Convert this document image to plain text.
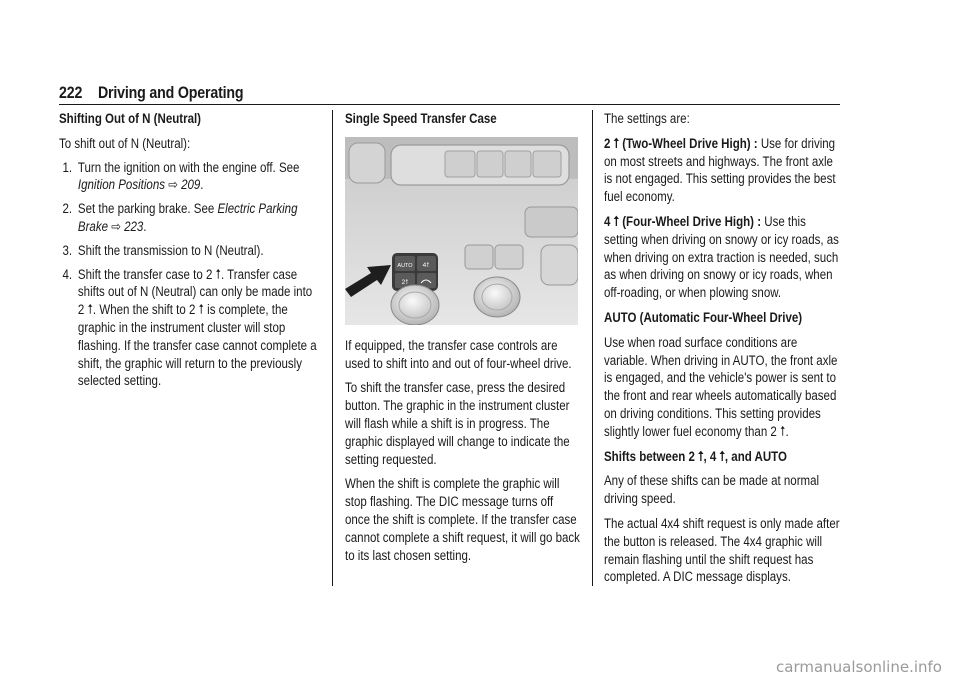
222 Driving and Operating

Shifting Out of N (Neutral)

To shift out of N (Neutral):

1. Turn the ignition on with the engine off. See Ignition Positions ⇨ 209.
2. Set the parking brake. See Electric Parking Brake ⇨ 223.
3. Shift the transmission to N (Neutral).
4. Shift the transfer case to 2 ⭡. Transfer case shifts out of N (Neutral) can only be made into 2 ⭡. When the shift to 2 ⭡ is complete, the graphic in the instrument cluster will stop flashing. If the transfer case cannot complete a shift, the graphic will return to the previously selected setting.

Single Speed Transfer Case

AUTO 4⭡
2⭡

If equipped, the transfer case controls are used to shift into and out of four-wheel drive.

To shift the transfer case, press the desired button. The graphic in the instrument cluster will flash while a shift is in progress. The graphic displayed will change to indicate the setting requested.

When the shift is complete the graphic will stop flashing. The DIC message turns off once the shift is complete. If the transfer case cannot complete a shift request, it will go back to its last chosen setting.

The settings are:

2 ⭡ (Two-Wheel Drive High) : Use for driving on most streets and highways. The front axle is not engaged. This setting provides the best fuel economy.

4 ⭡ (Four-Wheel Drive High) : Use this setting when driving on snowy or icy roads, as when driving on extra traction is needed, such as when driving on snowy or icy roads, when off-roading, or when plowing snow.

AUTO (Automatic Four-Wheel Drive)

Use when road surface conditions are variable. When driving in AUTO, the front axle is engaged, and the vehicle's power is sent to the front and rear wheels automatically based on driving conditions. This setting provides slightly lower fuel economy than 2 ⭡.

Shifts between 2 ⭡, 4 ⭡, and AUTO

Any of these shifts can be made at normal driving speed.

The actual 4x4 shift request is only made after the button is released. The 4x4 graphic will remain flashing until the shift request has completed. A DIC message displays.

carmanualsonline.info
